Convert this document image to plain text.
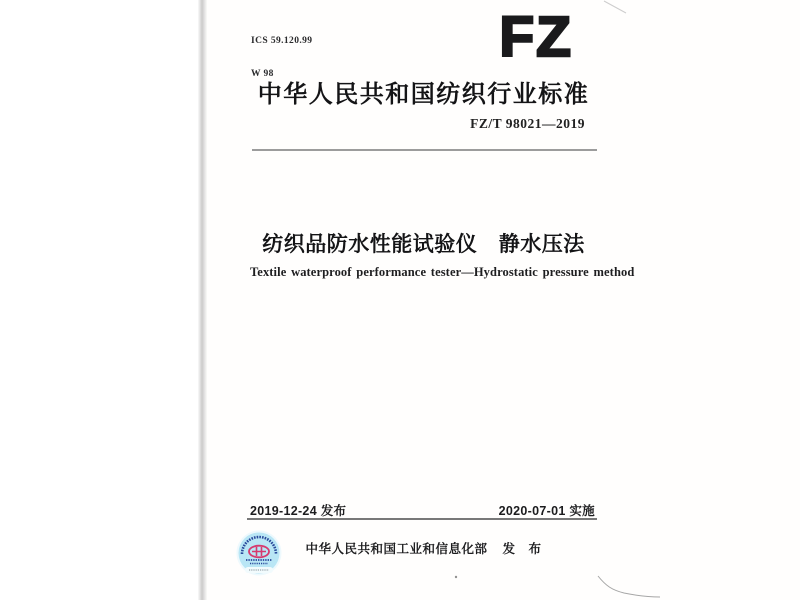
ICS 59.120.99

W 98

FZ
中华人民共和国纺织行业标准
FZ/T 98021—2019
纺织品防水性能试验仪　静水压法
Textile waterproof performance tester—Hydrostatic pressure method
2019-12-24 发布	2020-07-01 实施
中华人民共和国工业和信息化部 发　布
